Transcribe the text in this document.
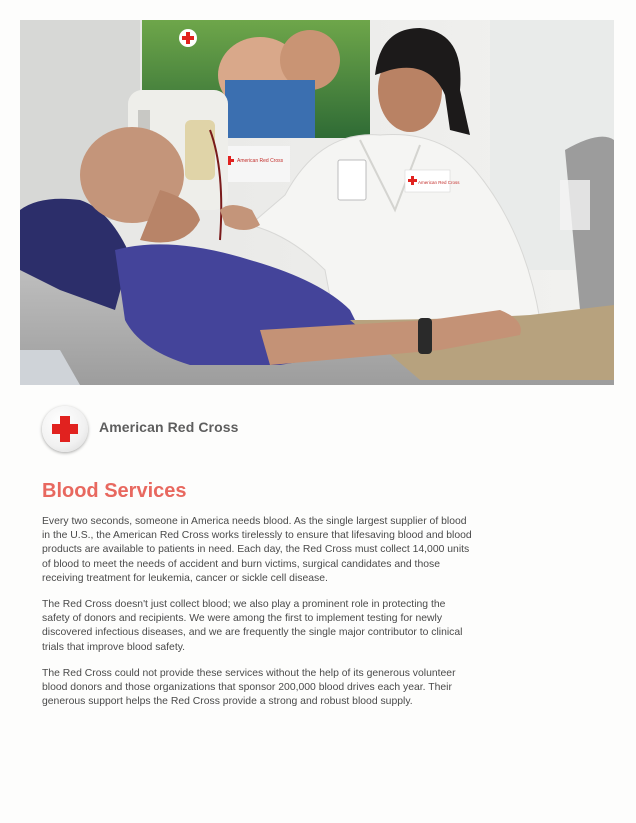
American Red Cross
American Red Cross
American Red Cross
Blood Services

Every two seconds, someone in America needs blood. As the single largest supplier of blood in the U.S., the American Red Cross works tirelessly to ensure that lifesaving blood and blood products are available to patients in need. Each day, the Red Cross must collect 14,000 units of blood to meet the needs of accident and burn victims, surgical candidates and those receiving treatment for leukemia, cancer or sickle cell disease.

The Red Cross doesn't just collect blood; we also play a prominent role in protecting the safety of donors and recipients. We were among the first to implement testing for newly discovered infectious diseases, and we are frequently the single major contributor to clinical trials that improve blood safety.

The Red Cross could not provide these services without the help of its generous volunteer blood donors and those organizations that sponsor 200,000 blood drives each year. Their generous support helps the Red Cross provide a strong and robust blood supply.
